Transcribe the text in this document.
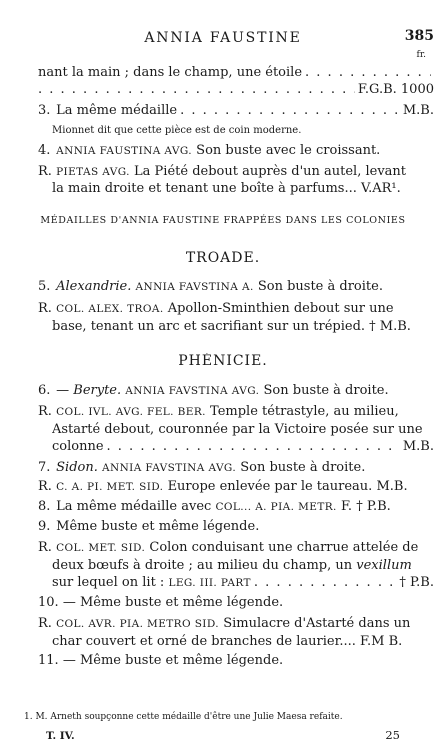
ANNIA FAUSTINE	385
fr.
nant la main ; dans le champ, une étoile
. . .
. . .
F.G.B. 1000
3.
La même médaille . . .	M.B.
Mionnet dit que cette pièce est de coin moderne.
4. ANNIA FAUSTINA AVG. Son buste avec le croissant.
R. PIETAS AVG. La Piété debout auprès d'un autel, levant
la main droite et tenant une boîte à parfums...
V.AR¹.
MÉDAILLES D'ANNIA FAUSTINE FRAPPÉES DANS LES COLONIES
TROADE.
5. Alexandrie. ANNIA FAVSTINA A. Son buste à droite.
R. COL. ALEX. TROA. Apollon-Sminthien debout sur une
base, tenant un arc et sacrifiant sur un trépied. † M.B.
PHÉNICIE.
6. — Beryte. ANNIA FAVSTINA AVG. Son buste à droite.
R. COL. IVL. AVG. FEL. BER. Temple tétrastyle, au milieu,
Astarté debout, couronnée par la Victoire posée sur une
colonne . . .	M.B.
7. Sidon. ANNIA FAVSTINA AVG. Son buste à droite.
R. C. A. PI. MET. SID. Europe enlevée par le taureau. M.B.
8. La même médaille avec COL... A. PIA. METR. F. † P.B.
9. Même buste et même légende.
R. COL. MET. SID. Colon conduisant une charrue attelée de
deux bœufs à droite ; au milieu du champ, un vexillum
sur lequel on lit :
LEG. III. PART . . .	† P.B.
10. — Même buste et même légende.
R. COL. AVR. PIA. METRO SID. Simulacre d'Astarté dans un
char couvert et orné de branches de laurier.... F.M B.
11. — Même buste et même légende.
1. M. Arneth soupçonne cette médaille d'être une Julie Maesa refaite.
T. IV.	25
